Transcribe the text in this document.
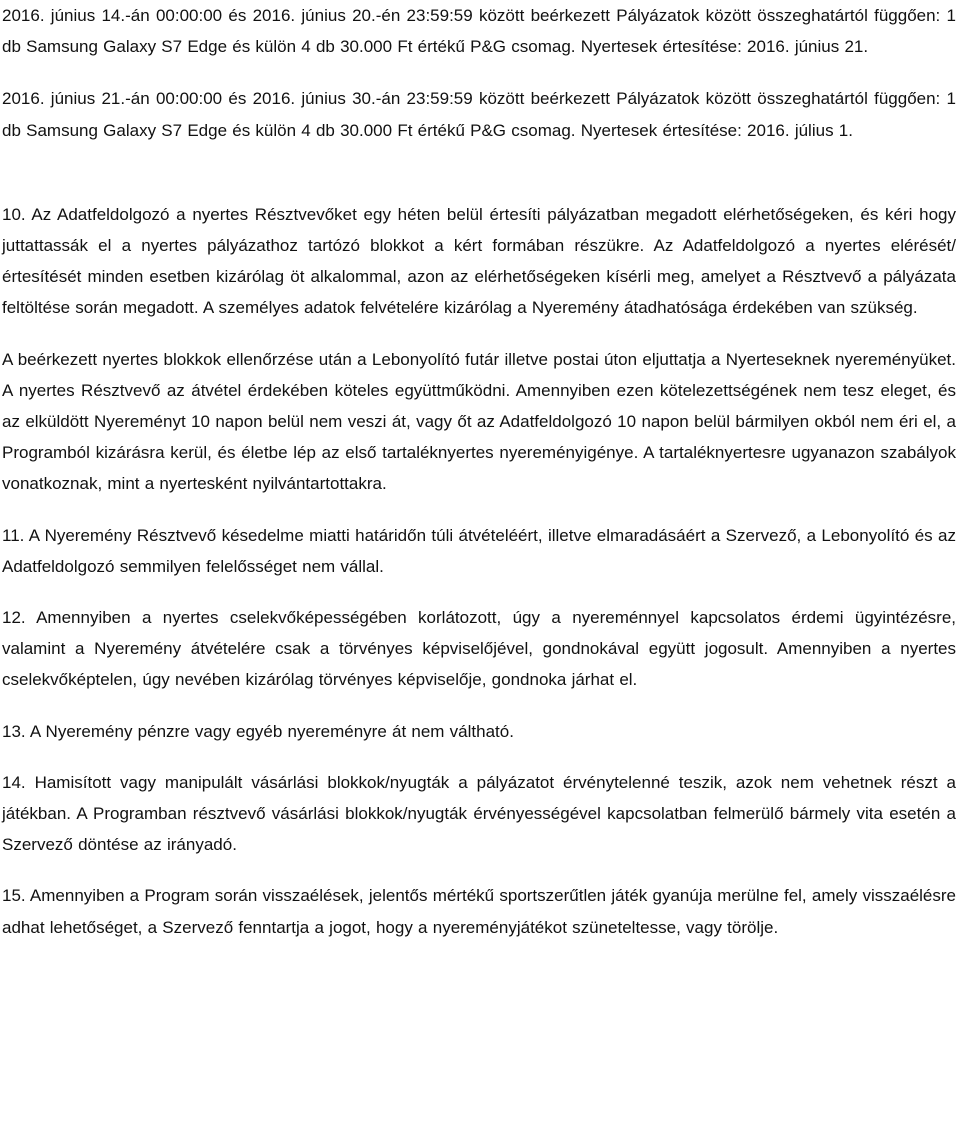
2016. június 14.-án 00:00:00 és 2016. június 20.-én 23:59:59 között beérkezett Pályázatok között összeghatártól függően: 1 db Samsung Galaxy S7 Edge és külön 4 db 30.000 Ft értékű P&G csomag. Nyertesek értesítése: 2016. június 21.

2016. június 21.-án 00:00:00 és 2016. június 30.-án 23:59:59 között beérkezett Pályázatok között összeghatártól függően: 1 db Samsung Galaxy S7 Edge és külön 4 db 30.000 Ft értékű P&G csomag. Nyertesek értesítése: 2016. július 1.

10. Az Adatfeldolgozó a nyertes Résztvevőket egy héten belül értesíti pályázatban megadott elérhetőségeken, és kéri hogy juttattassák el a nyertes pályázathoz tartózó blokkot a kért formában részükre. Az Adatfeldolgozó a nyertes elérését/értesítését minden esetben kizárólag öt alkalommal, azon az elérhetőségeken kísérli meg, amelyet a Résztvevő a pályázata feltöltése során megadott. A személyes adatok felvételére kizárólag a Nyeremény átadhatósága érdekében van szükség.

A beérkezett nyertes blokkok ellenőrzése után a Lebonyolító futár illetve postai úton eljuttatja a Nyerteseknek nyereményüket. A nyertes Résztvevő az átvétel érdekében köteles együttműködni. Amennyiben ezen kötelezettségének nem tesz eleget, és az elküldött Nyereményt 10 napon belül nem veszi át, vagy őt az Adatfeldolgozó 10 napon belül bármilyen okból nem éri el, a Programból kizárásra kerül, és életbe lép az első tartaléknyertes nyereményigénye. A tartaléknyertesre ugyanazon szabályok vonatkoznak, mint a nyertesként nyilvántartottakra.

11. A Nyeremény Résztvevő késedelme miatti határidőn túli átvételéért, illetve elmaradásáért a Szervező, a Lebonyolító és az Adatfeldolgozó semmilyen felelősséget nem vállal.

12. Amennyiben a nyertes cselekvőképességében korlátozott, úgy a nyereménnyel kapcsolatos érdemi ügyintézésre, valamint a Nyeremény átvételére csak a törvényes képviselőjével, gondnokával együtt jogosult. Amennyiben a nyertes cselekvőképtelen, úgy nevében kizárólag törvényes képviselője, gondnoka járhat el.

13. A Nyeremény pénzre vagy egyéb nyereményre át nem váltható.

14. Hamisított vagy manipulált vásárlási blokkok/nyugták a pályázatot érvénytelenné teszik, azok nem vehetnek részt a játékban. A Programban résztvevő vásárlási blokkok/nyugták érvényességével kapcsolatban felmerülő bármely vita esetén a Szervező döntése az irányadó.

15. Amennyiben a Program során visszaélések, jelentős mértékű sportszerűtlen játék gyanúja merülne fel, amely visszaélésre adhat lehetőséget, a Szervező fenntartja a jogot, hogy a nyereményjátékot szüneteltesse, vagy törölje.
